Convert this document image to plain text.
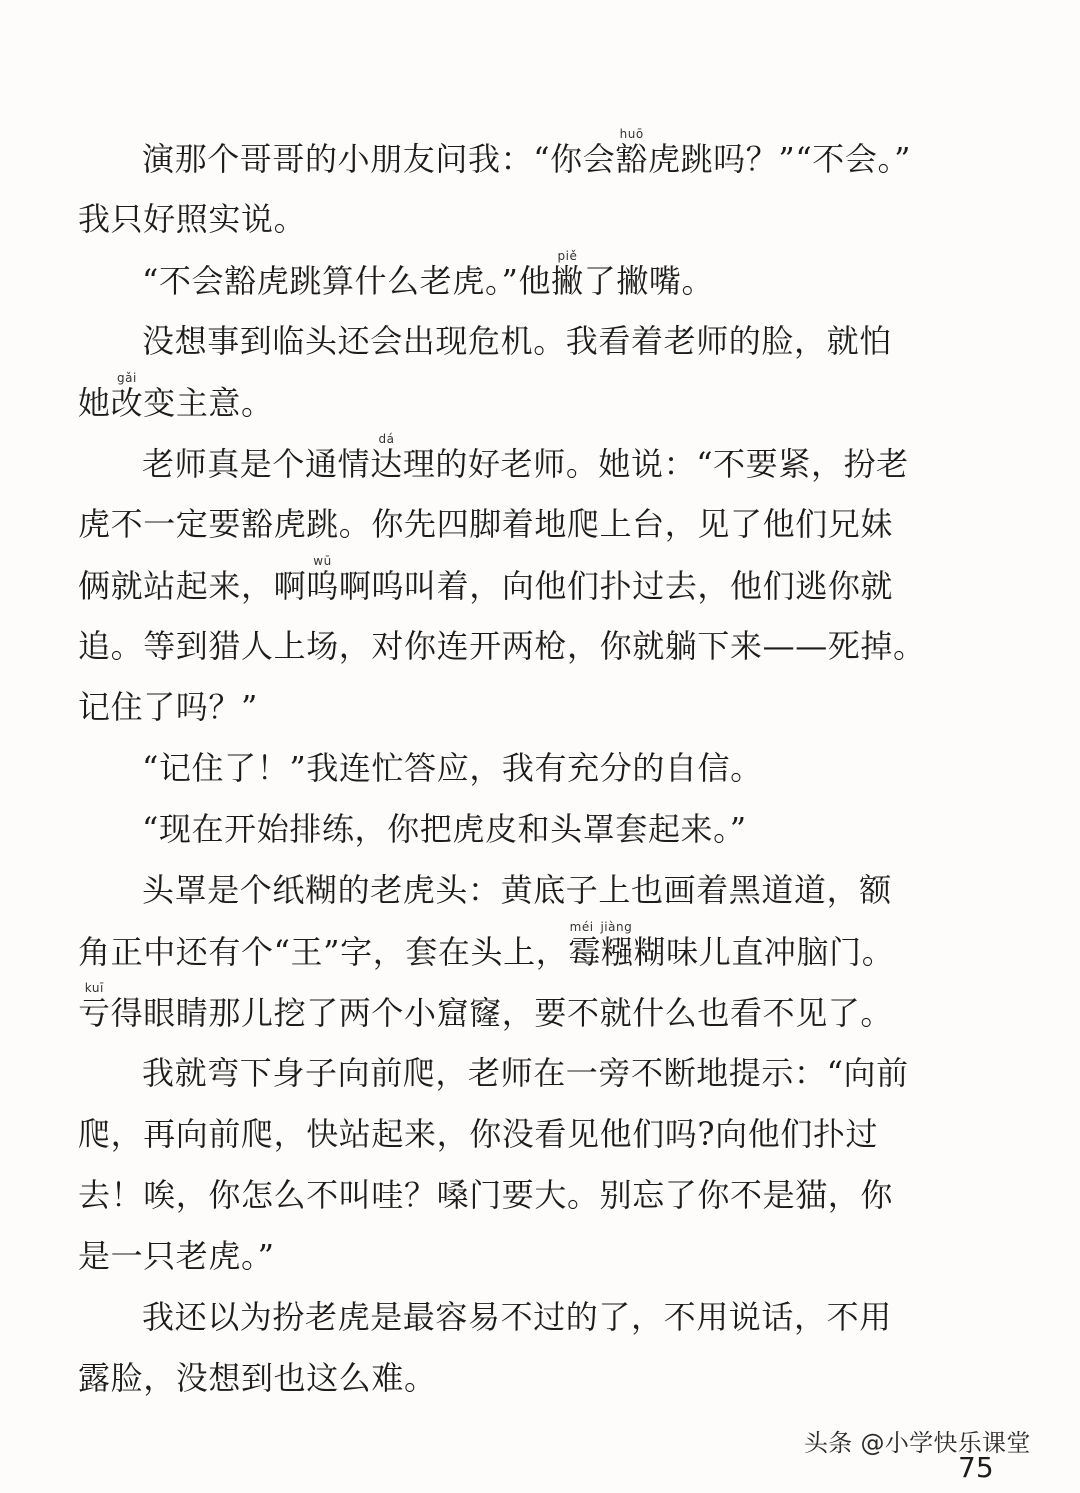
演那个哥哥的小朋友问我：“你会豁huō虎跳吗？”“不会。”
我只好照实说。
“不会豁虎跳算什么老虎。”他撇piě了撇嘴。
没想事到临头还会出现危机。我看着老师的脸，就怕
她改gǎi变主意。
老师真是个通情达dá理的好老师。她说：“不要紧，扮老
虎不一定要豁虎跳。你先四脚着地爬上台，见了他们兄妹
俩就站起来，啊呜wū啊呜叫着，向他们扑过去，他们逃你就
追。等到猎人上场，对你连开两枪，你就躺下来——死掉。
记住了吗？”
“记住了！”我连忙答应，我有充分的自信。
“现在开始排练，你把虎皮和头罩套起来。”
头罩是个纸糊的老虎头：黄底子上也画着黑道道，额
角正中还有个“王”字，套在头上，霉糨méi jiàng糊味儿直冲脑门。
亏kuī得眼睛那儿挖了两个小窟窿，要不就什么也看不见了。
我就弯下身子向前爬，老师在一旁不断地提示：“向前
爬，再向前爬，快站起来，你没看见他们吗?向他们扑过
去！唉，你怎么不叫哇？嗓门要大。别忘了你不是猫，你
是一只老虎。”
我还以为扮老虎是最容易不过的了，不用说话，不用
露脸，没想到也这么难。
头条 @小学快乐课堂
75
